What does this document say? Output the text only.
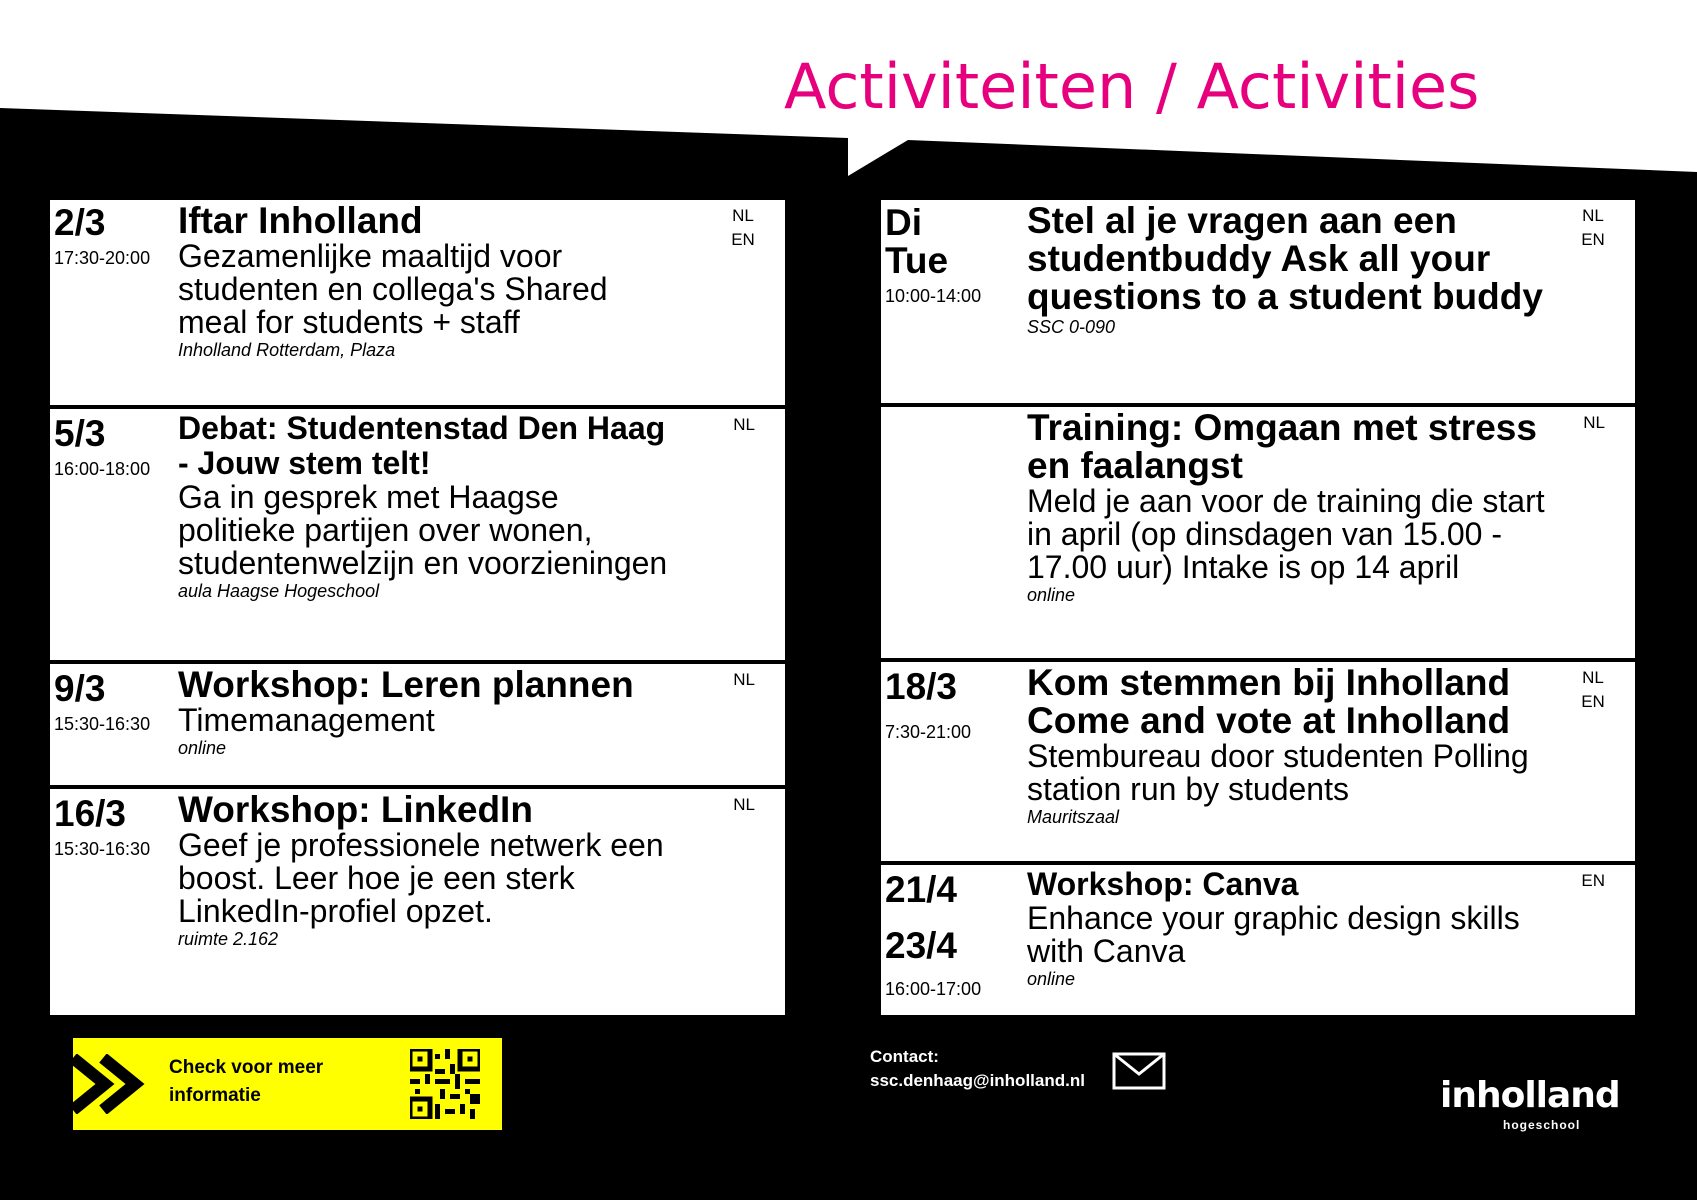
Activiteiten / Activities
2/3
17:30-20:00
Iftar Inholland
Gezamenlijke maaltijd voor studenten en collega's Shared meal for students + staff
Inholland Rotterdam, Plaza
NL EN
5/3
16:00-18:00
Debat: Studentenstad Den Haag - Jouw stem telt!
Ga in gesprek met Haagse politieke partijen over wonen, studentenwelzijn en voorzieningen
aula Haagse Hogeschool
NL
9/3
15:30-16:30
Workshop: Leren plannen
Timemanagement
online
NL
16/3
15:30-16:30
Workshop: LinkedIn
Geef je professionele netwerk een boost. Leer hoe je een sterk LinkedIn-profiel opzet.
ruimte 2.162
NL
Di Tue
10:00-14:00
Stel al je vragen aan een studentbuddy Ask all your questions to a student buddy
SSC 0-090
NL EN
Training: Omgaan met stress en faalangst
Meld je aan voor de training die start in april (op dinsdagen van 15.00 - 17.00 uur) Intake is op 14 april
online
NL
18/3
7:30-21:00
Kom stemmen bij Inholland Come and vote at Inholland
Stembureau door studenten Polling station run by students
Mauritszaal
NL EN
21/4
23/4
16:00-17:00
Workshop: Canva
Enhance your graphic design skills with Canva
online
EN
Check voor meer informatie
Contact:
ssc.denhaag@inholland.nl	inholland
hogeschool
